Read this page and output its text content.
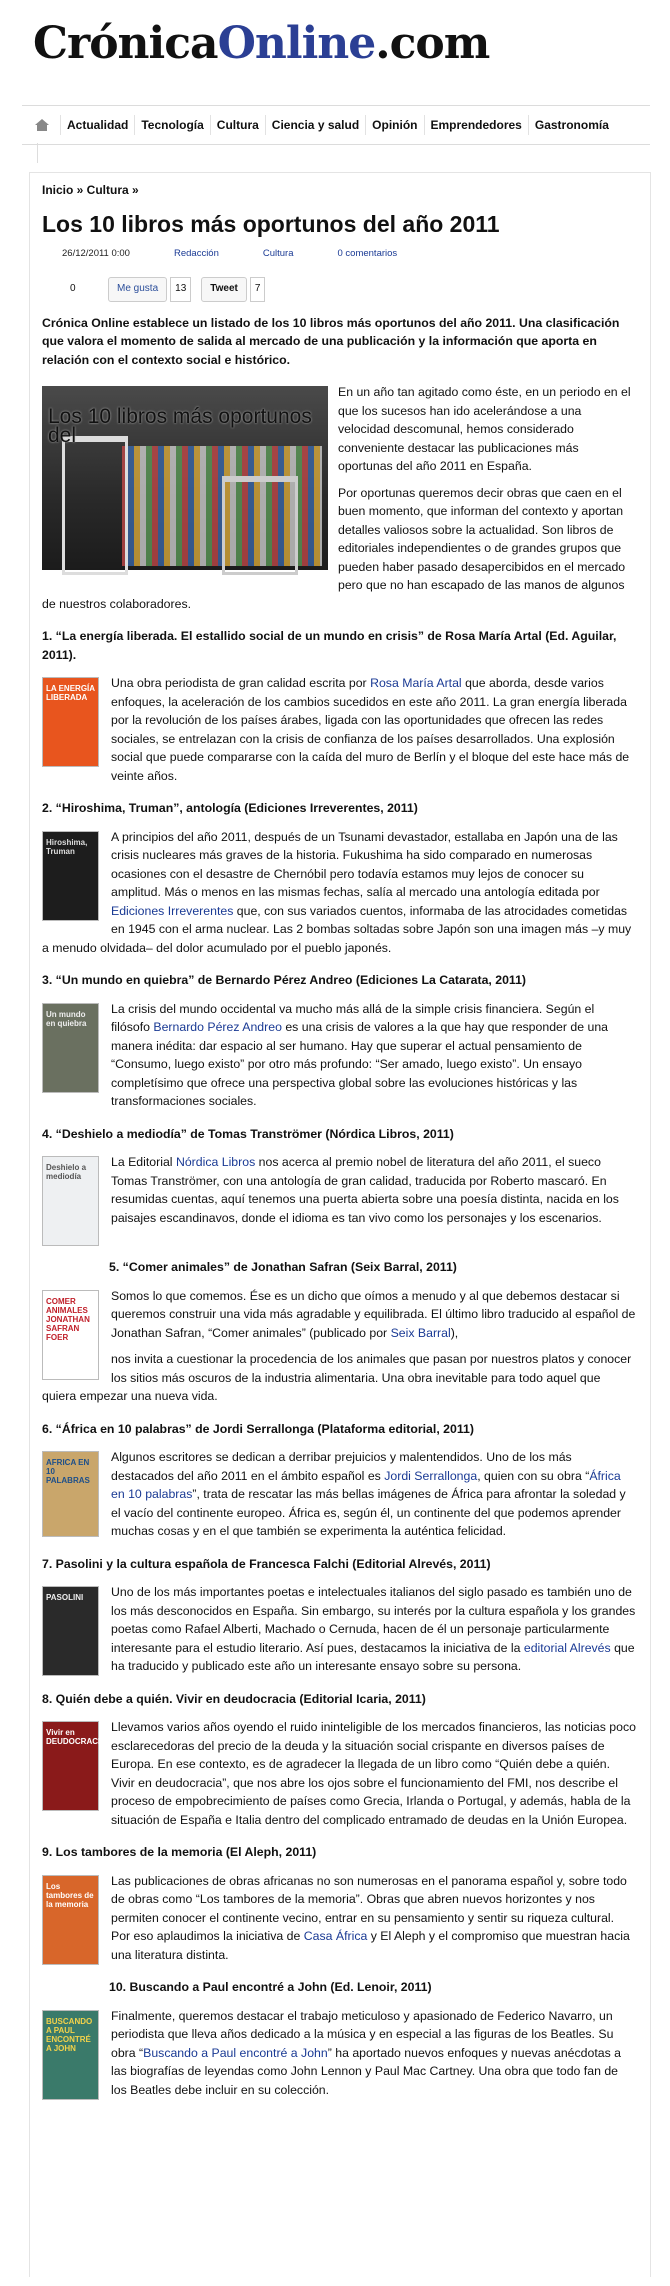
CrónicaOnline.com
Actualidad	Tecnología	Cultura	Ciencia y salud	Opinión	Emprendedores	Gastronomía
Inicio » Cultura »
Los 10 libros más oportunos del año 2011
26/12/2011 0:00	Redacción	Cultura	0 comentarios
0	Me gusta	13	Tweet	7

Crónica Online establece un listado de los 10 libros más oportunos del año 2011. Una clasificación que valora el momento de salida al mercado de una publicación y la información que aporta en relación con el contexto social e histórico.

Los 10 libros más oportunos del

En un año tan agitado como éste, en un periodo en el que los sucesos han ido acelerándose a una velocidad descomunal, hemos considerado conveniente destacar las publicaciones más oportunas del año 2011 en España.

Por oportunas queremos decir obras que caen en el buen momento, que informan del contexto y aportan detalles valiosos sobre la actualidad. Son libros de editoriales independientes o de grandes grupos que pueden haber pasado desapercibidos en el mercado pero que no han escapado de las manos de algunos de nuestros colaboradores.

1. “La energía liberada. El estallido social de un mundo en crisis” de Rosa María Artal (Ed. Aguilar, 2011).
LA ENERGÍA LIBERADA

Una obra periodista de gran calidad escrita por Rosa María Artal que aborda, desde varios enfoques, la aceleración de los cambios sucedidos en este año 2011. La gran energía liberada por la revolución de los países árabes, ligada con las oportunidades que ofrecen las redes sociales, se entrelazan con la crisis de confianza de los países desarrollados. Una explosión social que puede compararse con la caída del muro de Berlín y el bloque del este hace más de veinte años.

2. “Hiroshima, Truman”, antología (Ediciones Irreverentes, 2011)
Hiroshima, Truman

A principios del año 2011, después de un Tsunami devastador, estallaba en Japón una de las crisis nucleares más graves de la historia. Fukushima ha sido comparado en numerosas ocasiones con el desastre de Chernóbil pero todavía estamos muy lejos de conocer su amplitud. Más o menos en las mismas fechas, salía al mercado una antología editada por Ediciones Irreverentes que, con sus variados cuentos, informaba de las atrocidades cometidas en 1945 con el arma nuclear. Las 2 bombas soltadas sobre Japón son una imagen más –y muy a menudo olvidada– del dolor acumulado por el pueblo japonés.

3. “Un mundo en quiebra” de Bernardo Pérez Andreo (Ediciones La Catarata, 2011)
Un mundo en quiebra

La crisis del mundo occidental va mucho más allá de la simple crisis financiera. Según el filósofo Bernardo Pérez Andreo es una crisis de valores a la que hay que responder de una manera inédita: dar espacio al ser humano. Hay que superar el actual pensamiento de “Consumo, luego existo” por otro más profundo: “Ser amado, luego existo”. Un ensayo completísimo que ofrece una perspectiva global sobre las evoluciones históricas y las transformaciones sociales.

4. “Deshielo a mediodía” de Tomas Tranströmer (Nórdica Libros, 2011)
Deshielo a mediodía

La Editorial Nórdica Libros nos acerca al premio nobel de literatura del año 2011, el sueco Tomas Tranströmer, con una antología de gran calidad, traducida por Roberto mascaró. En resumidas cuentas, aquí tenemos una puerta abierta sobre una poesía distinta, nacida en los paisajes escandinavos, donde el idioma es tan vivo como los personajes y los escenarios.

5. “Comer animales” de Jonathan Safran (Seix Barral, 2011)
COMER ANIMALES JONATHAN SAFRAN FOER

Somos lo que comemos. Ése es un dicho que oímos a menudo y al que debemos destacar si queremos construir una vida más agradable y equilibrada. El último libro traducido al español de Jonathan Safran, “Comer animales” (publicado por Seix Barral),

nos invita a cuestionar la procedencia de los animales que pasan por nuestros platos y conocer los sitios más oscuros de la industria alimentaria. Una obra inevitable para todo aquel que quiera empezar una nueva vida.

6. “África en 10 palabras” de Jordi Serrallonga (Plataforma editorial, 2011)
AFRICA EN 10 PALABRAS

Algunos escritores se dedican a derribar prejuicios y malentendidos. Uno de los más destacados del año 2011 en el ámbito español es Jordi Serrallonga, quien con su obra “África en 10 palabras”, trata de rescatar las más bellas imágenes de África para afrontar la soledad y el vacío del continente europeo. África es, según él, un continente del que podemos aprender muchas cosas y en el que también se experimenta la auténtica felicidad.

7. Pasolini y la cultura española de Francesca Falchi (Editorial Alrevés, 2011)
PASOLINI	Uno de los más importantes poetas e intelectuales italianos del siglo pasado es también uno de los más desconocidos en España. Sin embargo, su interés por la cultura española y los grandes poetas como Rafael Alberti, Machado o Cernuda, hacen de él un personaje particularmente interesante para el estudio literario. Así pues, destacamos la iniciativa de la editorial Alrevés que ha traducido y publicado este año un interesante ensayo sobre su persona.

8. Quién debe a quién. Vivir en deudocracia (Editorial Icaria, 2011)
Vivir en DEUDOCRACIA

Llevamos varios años oyendo el ruido ininteligible de los mercados financieros, las noticias poco esclarecedoras del precio de la deuda y la situación social crispante en diversos países de Europa. En ese contexto, es de agradecer la llegada de un libro como “Quién debe a quién. Vivir en deudocracia”, que nos abre los ojos sobre el funcionamiento del FMI, nos describe el proceso de empobrecimiento de países como Grecia, Irlanda o Portugal, y además, habla de la situación de España e Italia dentro del complicado entramado de deudas en la Unión Europea.

9. Los tambores de la memoria (El Aleph, 2011)
Los tambores de la memoria

Las publicaciones de obras africanas no son numerosas en el panorama español y, sobre todo de obras como “Los tambores de la memoria”. Obras que abren nuevos horizontes y nos permiten conocer el continente vecino, entrar en su pensamiento y sentir su riqueza cultural. Por eso aplaudimos la iniciativa de Casa África y El Aleph y el compromiso que muestran hacia una literatura distinta.

10. Buscando a Paul encontré a John (Ed. Lenoir, 2011)
BUSCANDO A PAUL ENCONTRÉ A JOHN

Finalmente, queremos destacar el trabajo meticuloso y apasionado de Federico Navarro, un periodista que lleva años dedicado a la música y en especial a las figuras de los Beatles. Su obra “Buscando a Paul encontré a John” ha aportado nuevos enfoques y nuevas anécdotas a las biografías de leyendas como John Lennon y Paul Mac Cartney. Una obra que todo fan de los Beatles debe incluir en su colección.
